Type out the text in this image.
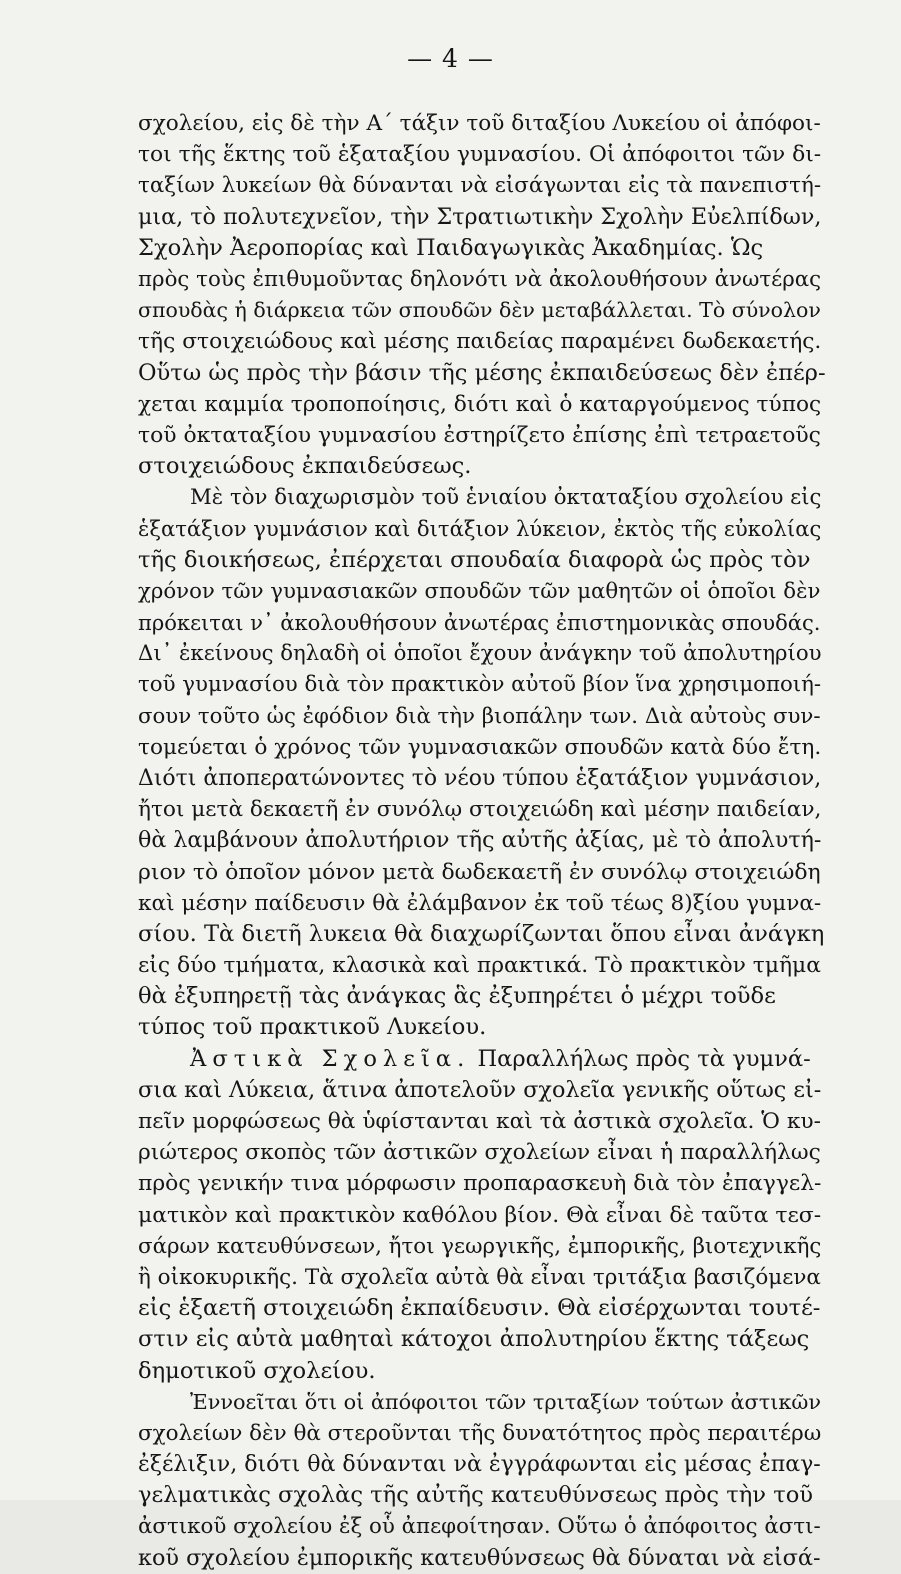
— 4 —
σχολείου, εἰς δὲ τὴν Α´ τάξιν τοῦ διταξίου Λυκείου οἱ ἀπόφοι-
τοι τῆς ἕκτης τοῦ ἑξαταξίου γυμνασίου. Οἱ ἀπόφοιτοι τῶν δι-
ταξίων λυκείων θὰ δύνανται νὰ εἰσάγωνται εἰς τὰ πανεπιστή-
μια, τὸ πολυτεχνεῖον, τὴν Στρατιωτικὴν Σχολὴν Εὐελπίδων,
Σχολὴν Ἀεροπορίας καὶ Παιδαγωγικὰς Ἀκαδημίας. Ὡς
πρὸς τοὺς ἐπιθυμοῦντας δηλονότι νὰ ἀκολουθήσουν ἀνωτέρας
σπουδὰς ἡ διάρκεια τῶν σπουδῶν δὲν μεταβάλλεται. Τὸ σύνολον
τῆς στοιχειώδους καὶ μέσης παιδείας παραμένει δωδεκαετής.
Οὕτω ὡς πρὸς τὴν βάσιν τῆς μέσης ἐκπαιδεύσεως δὲν ἐπέρ-
χεται καμμία τροποποίησις, διότι καὶ ὁ καταργούμενος τύπος
τοῦ ὀκταταξίου γυμνασίου ἐστηρίζετο ἐπίσης ἐπὶ τετραετοῦς
στοιχειώδους ἐκπαιδεύσεως.
Μὲ τὸν διαχωρισμὸν τοῦ ἑνιαίου ὀκταταξίου σχολείου εἰς
ἑξατάξιον γυμνάσιον καὶ διτάξιον λύκειον, ἐκτὸς τῆς εὐκολίας
τῆς διοικήσεως, ἐπέρχεται σπουδαία διαφορὰ ὡς πρὸς τὸν
χρόνον τῶν γυμνασιακῶν σπουδῶν τῶν μαθητῶν οἱ ὁποῖοι δὲν
πρόκειται ν᾽ ἀκολουθήσουν ἀνωτέρας ἐπιστημονικὰς σπουδάς.
Δι᾽ ἐκείνους δηλαδὴ οἱ ὁποῖοι ἔχουν ἀνάγκην τοῦ ἀπολυτηρίου
τοῦ γυμνασίου διὰ τὸν πρακτικὸν αὐτοῦ βίον ἵνα χρησιμοποιή-
σουν τοῦτο ὡς ἐφόδιον διὰ τὴν βιοπάλην των. Διὰ αὐτοὺς συν-
τομεύεται ὁ χρόνος τῶν γυμνασιακῶν σπουδῶν κατὰ δύο ἔτη.
Διότι ἀποπερατώνοντες τὸ νέου τύπου ἑξατάξιον γυμνάσιον,
ἤτοι μετὰ δεκαετῆ ἐν συνόλῳ στοιχειώδη καὶ μέσην παιδείαν,
θὰ λαμβάνουν ἀπολυτήριον τῆς αὐτῆς ἀξίας, μὲ τὸ ἀπολυτή-
ριον τὸ ὁποῖον μόνον μετὰ δωδεκαετῆ ἐν συνόλῳ στοιχειώδη
καὶ μέσην παίδευσιν θὰ ἐλάμβανον ἐκ τοῦ τέως 8)ξίου γυμνα-
σίου. Τὰ διετῆ λυκεια θὰ διαχωρίζωνται ὅπου εἶναι ἀνάγκη
εἰς δύο τμήματα, κλασικὰ καὶ πρακτικά. Τὸ πρακτικὸν τμῆμα
θὰ ἐξυπηρετῇ τὰς ἀνάγκας ἃς ἐξυπηρέτει ὁ μέχρι τοῦδε
τύπος τοῦ πρακτικοῦ Λυκείου.
Ἀστικὰ Σχολεῖα. Παραλλήλως πρὸς τὰ γυμνά-
σια καὶ Λύκεια, ἅτινα ἀποτελοῦν σχολεῖα γενικῆς οὕτως εἰ-
πεῖν μορφώσεως θὰ ὑφίστανται καὶ τὰ ἀστικὰ σχολεῖα. Ὁ κυ-
ριώτερος σκοπὸς τῶν ἀστικῶν σχολείων εἶναι ἡ παραλλήλως
πρὸς γενικήν τινα μόρφωσιν προπαρασκευὴ διὰ τὸν ἐπαγγελ-
ματικὸν καὶ πρακτικὸν καθόλου βίον. Θὰ εἶναι δὲ ταῦτα τεσ-
σάρων κατευθύνσεων, ἤτοι γεωργικῆς, ἐμπορικῆς, βιοτεχνικῆς
ἢ οἰκοκυρικῆς. Τὰ σχολεῖα αὐτὰ θὰ εἶναι τριτάξια βασιζόμενα
εἰς ἑξαετῆ στοιχειώδη ἐκπαίδευσιν. Θὰ εἰσέρχωνται τουτέ-
στιν εἰς αὐτὰ μαθηταὶ κάτοχοι ἀπολυτηρίου ἕκτης τάξεως
δημοτικοῦ σχολείου.
Ἐννοεῖται ὅτι οἱ ἀπόφοιτοι τῶν τριταξίων τούτων ἀστικῶν
σχολείων δὲν θὰ στεροῦνται τῆς δυνατότητος πρὸς περαιτέρω
ἐξέλιξιν, διότι θὰ δύνανται νὰ ἐγγράφωνται εἰς μέσας ἐπαγ-
γελματικὰς σχολὰς τῆς αὐτῆς κατευθύνσεως πρὸς τὴν τοῦ
ἀστικοῦ σχολείου ἐξ οὗ ἀπεφοίτησαν. Οὕτω ὁ ἀπόφοιτος ἀστι-
κοῦ σχολείου ἐμπορικῆς κατευθύνσεως θὰ δύναται νὰ εἰσά-
